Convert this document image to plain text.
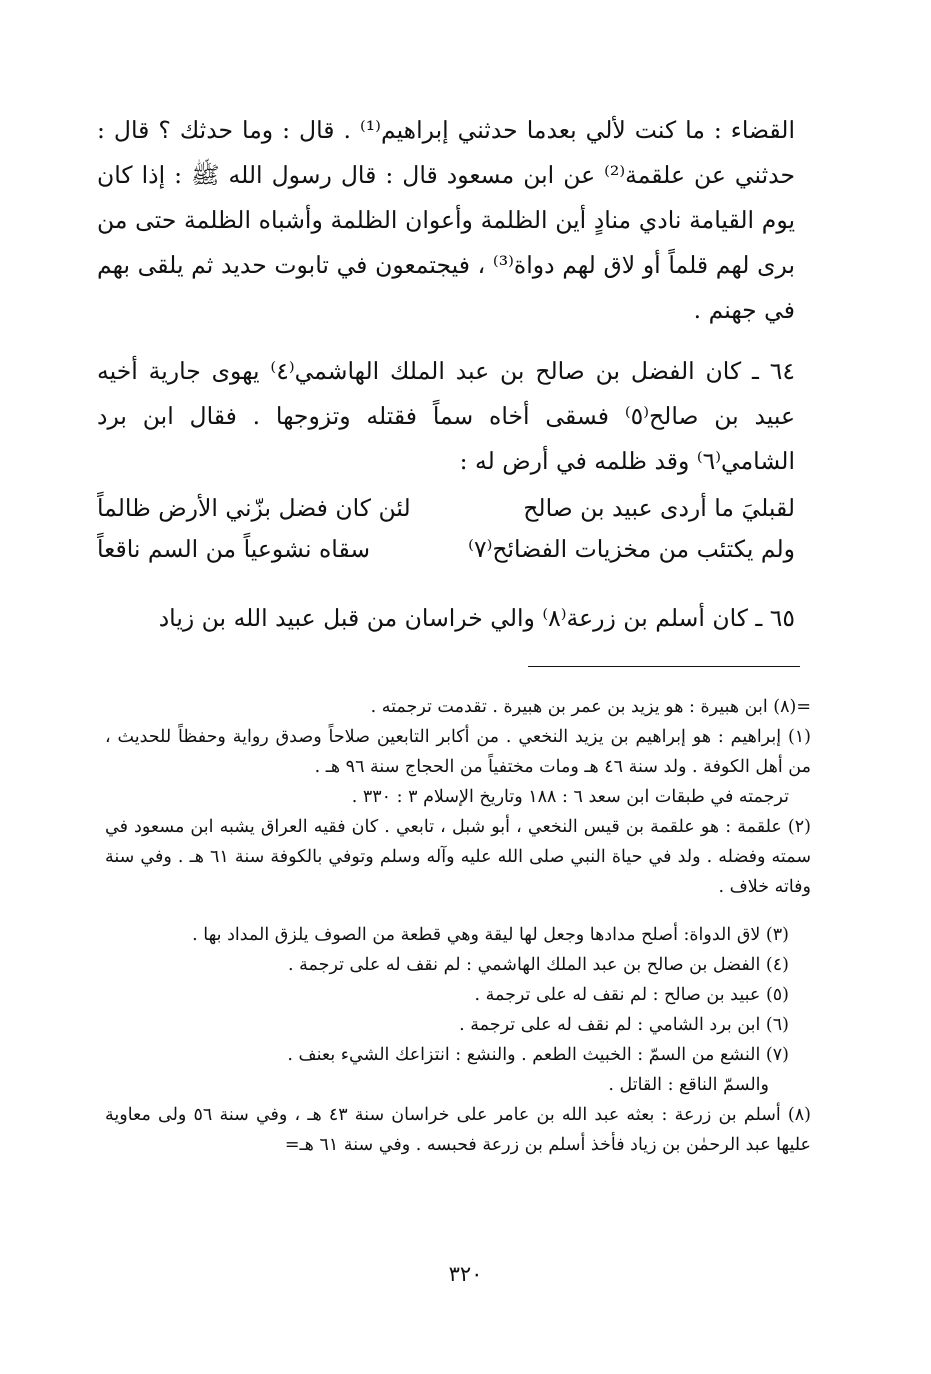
القضاء : ما كنت لألي بعدما حدثني إبراهيم⁽¹⁾ . قال : وما حدثك ؟ قال : حدثني عن علقمة⁽²⁾ عن ابن مسعود قال : قال رسول الله ﷺ : إذا كان يوم القيامة نادي منادٍ أين الظلمة وأعوان الظلمة وأشباه الظلمة حتى من برى لهم قلماً أو لاق لهم دواة⁽³⁾ ، فيجتمعون في تابوت حديد ثم يلقى بهم في جهنم .

٦٤ ـ كان الفضل بن صالح بن عبد الملك الهاشمي⁽٤⁾ يهوى جارية أخيه عبيد بن صالح⁽٥⁾ فسقى أخاه سماً فقتله وتزوجها . فقال ابن برد الشامي⁽٦⁾ وقد ظلمه في أرض له :

لقبليَ ما أردى عبيد بن صالح
لئن كان فضل بزّني الأرض ظالماً
ولم يكتئب من مخزيات الفضائح⁽٧⁾
سقاه نشوعياً من السم ناقعاً
٦٥ ـ كان أسلم بن زرعة⁽٨⁾ والي خراسان من قبل عبيد الله بن زياد

=(٨) ابن هبيرة : هو يزيد بن عمر بن هبيرة . تقدمت ترجمته .

(١) إبراهيم : هو إبراهيم بن يزيد النخعي . من أكابر التابعين صلاحاً وصدق رواية وحفظاً للحديث ، من أهل الكوفة . ولد سنة ٤٦ هـ ومات مختفياً من الحجاج سنة ٩٦ هـ .

ترجمته في طبقات ابن سعد ٦ : ١٨٨ وتاريخ الإسلام ٣ : ٣٣٠ .

(٢) علقمة : هو علقمة بن قيس النخعي ، أبو شبل ، تابعي . كان فقيه العراق يشبه ابن مسعود في سمته وفضله . ولد في حياة النبي صلى الله عليه وآله وسلم وتوفي بالكوفة سنة ٦١ هـ . وفي سنة وفاته خلاف .

(٣) لاق الدواة: أصلح مدادها وجعل لها ليقة وهي قطعة من الصوف يلزق المداد بها .

(٤) الفضل بن صالح بن عبد الملك الهاشمي : لم نقف له على ترجمة .

(٥) عبيد بن صالح : لم نقف له على ترجمة .

(٦) ابن برد الشامي : لم نقف له على ترجمة .

(٧) النشع من السمّ : الخبيث الطعم . والنشع : انتزاعك الشيء بعنف .

والسمّ الناقع : القاتل .

(٨) أسلم بن زرعة : بعثه عبد الله بن عامر على خراسان سنة ٤٣ هـ ، وفي سنة ٥٦ ولى معاوية عليها عبد الرحمٰن بن زياد فأخذ أسلم بن زرعة فحبسه . وفي سنة ٦١ هـ=

٣٢٠
